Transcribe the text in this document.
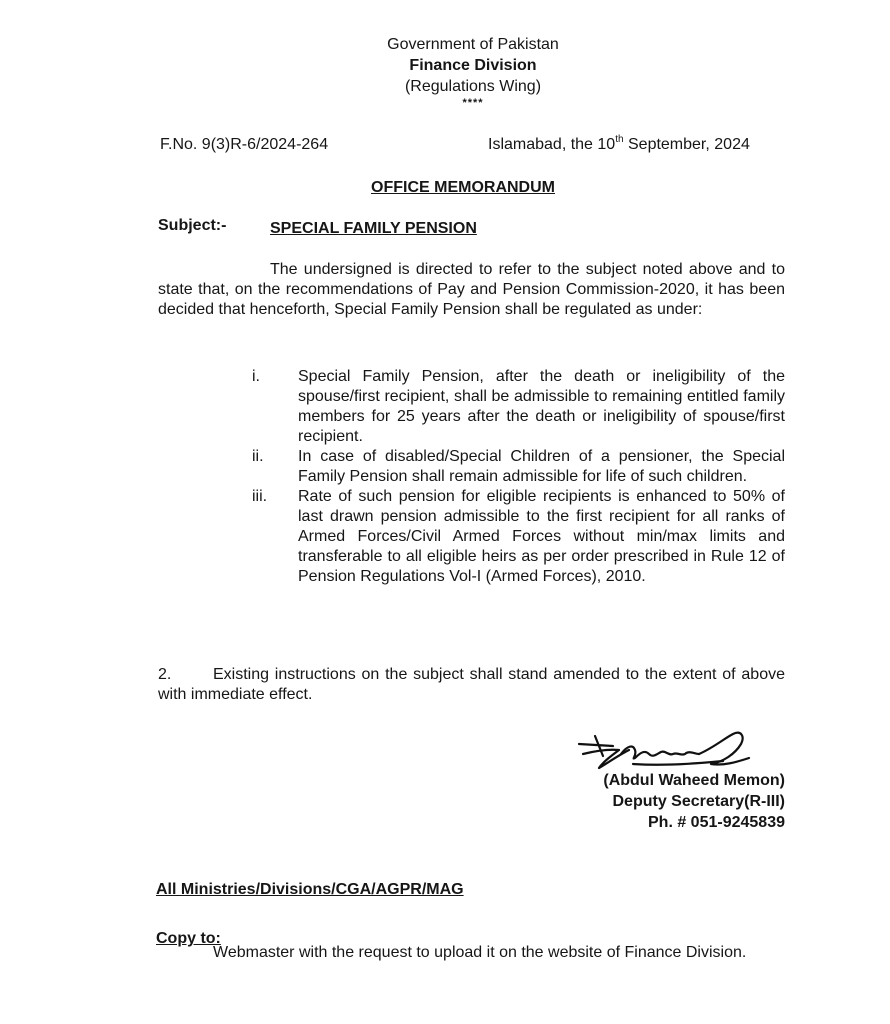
Government of Pakistan
Finance Division
(Regulations Wing)
****
F.No. 9(3)R-6/2024-264	Islamabad, the 10th September, 2024
OFFICE MEMORANDUM
Subject:-	SPECIAL FAMILY PENSION
The undersigned is directed to refer to the subject noted above and to state that, on the recommendations of Pay and Pension Commission-2020, it has been decided that henceforth, Special Family Pension shall be regulated as under:
i.	Special Family Pension, after the death or ineligibility of the spouse/first recipient, shall be admissible to remaining entitled family members for 25 years after the death or ineligibility of spouse/first recipient.
ii.	In case of disabled/Special Children of a pensioner, the Special Family Pension shall remain admissible for life of such children.
iii.	Rate of such pension for eligible recipients is enhanced to 50% of last drawn pension admissible to the first recipient for all ranks of Armed Forces/Civil Armed Forces without min/max limits and transferable to all eligible heirs as per order prescribed in Rule 12 of Pension Regulations Vol-I (Armed Forces), 2010.
2.	Existing instructions on the subject shall stand amended to the extent of above with immediate effect.
(Abdul Waheed Memon)
Deputy Secretary(R-III)
Ph. # 051-9245839
All Ministries/Divisions/CGA/AGPR/MAG
Copy to:
Webmaster with the request to upload it on the website of Finance Division.
